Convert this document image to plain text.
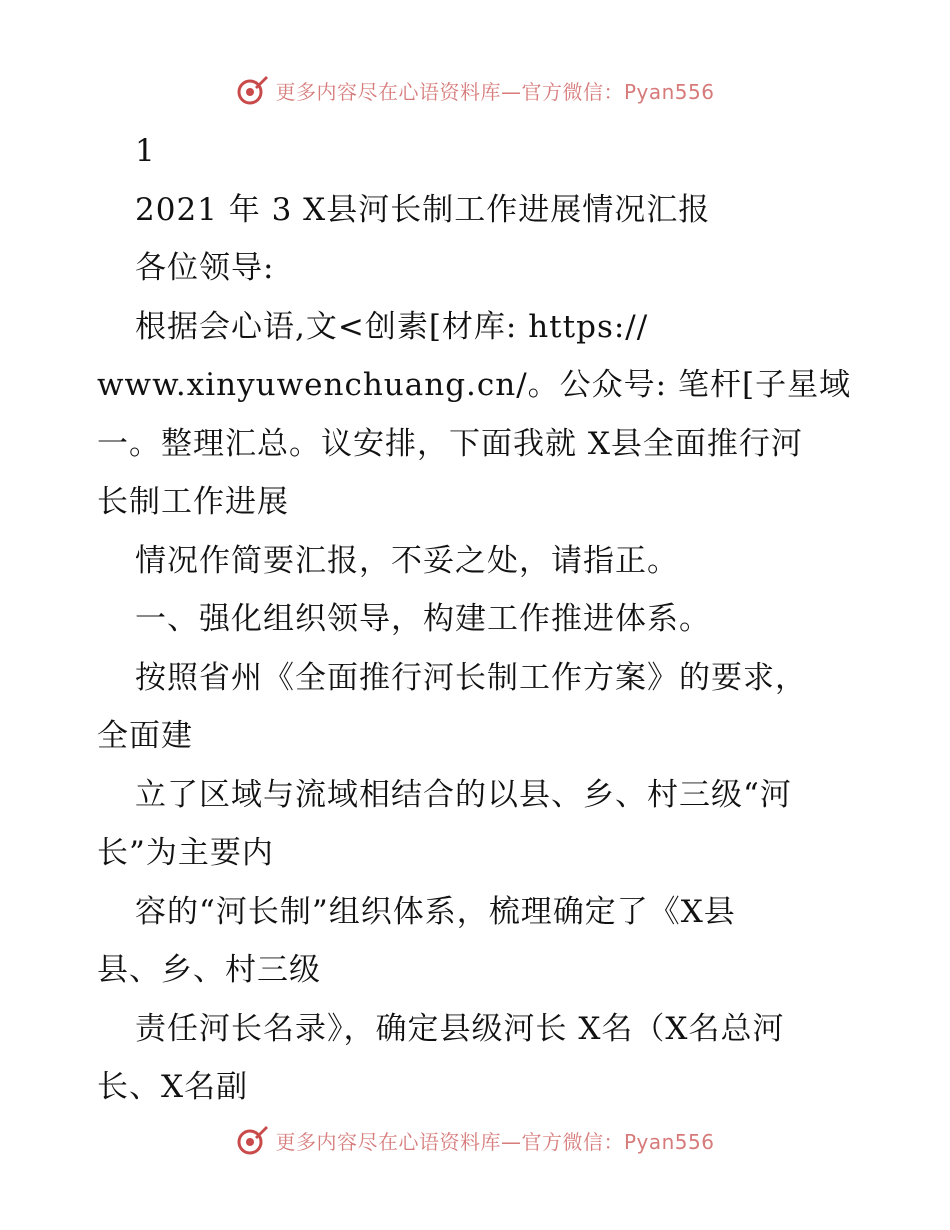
更多内容尽在心语资料库—官方微信：Pyan556
1
2021 年 3 X县河长制工作进展情况汇报
各位领导:
根据会心语,文<创素[材库: https://
www.xinyuwenchuang.cn/。公众号: 笔杆[子星域
一。整理汇总。议安排，下面我就 X县全面推行河
长制工作进展
情况作简要汇报，不妥之处，请指正。
一、强化组织领导，构建工作推进体系。
按照省州《全面推行河长制工作方案》的要求，
全面建
立了区域与流域相结合的以县、乡、村三级“河
长”为主要内
容的“河长制”组织体系，梳理确定了《X县
县、乡、村三级
责任河长名录》，确定县级河长 X名（X名总河
长、X名副
更多内容尽在心语资料库—官方微信：Pyan556
